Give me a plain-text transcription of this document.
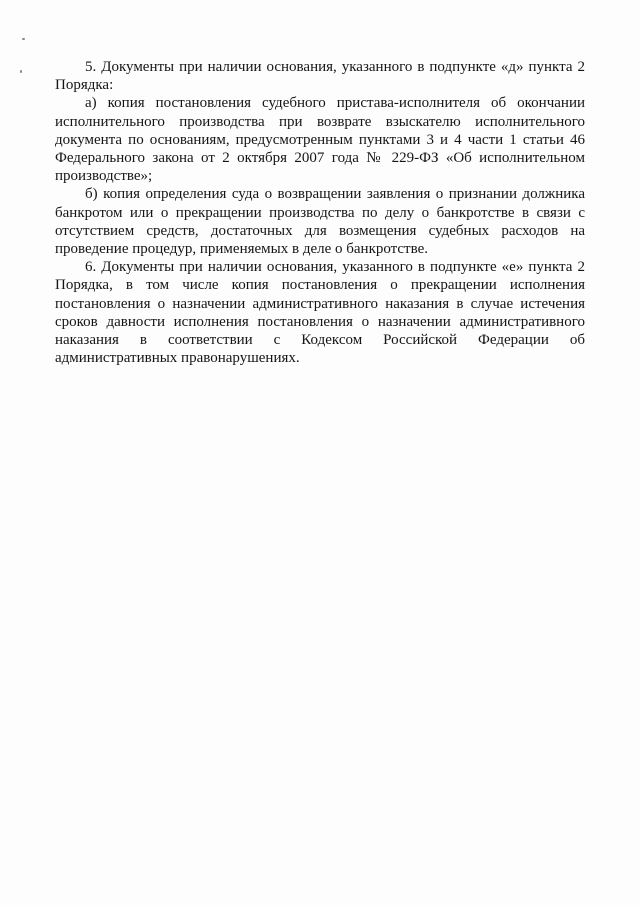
5. Документы при наличии основания, указанного в подпункте «д» пункта 2 Порядка:

а) копия постановления судебного пристава-исполнителя об окончании исполнительного производства при возврате взыскателю исполнительного документа по основаниям, предусмотренным пунктами 3 и 4 части 1 статьи 46 Федерального закона от 2 октября 2007 года № 229-ФЗ «Об исполнительном производстве»;

б) копия определения суда о возвращении заявления о признании должника банкротом или о прекращении производства по делу о банкротстве в связи с отсутствием средств, достаточных для возмещения судебных расходов на проведение процедур, применяемых в деле о банкротстве.

6. Документы при наличии основания, указанного в подпункте «е» пункта 2 Порядка, в том числе копия постановления о прекращении исполнения постановления о назначении административного наказания в случае истечения сроков давности исполнения постановления о назначении административного наказания в соответствии с Кодексом Российской Федерации об административных правонарушениях.
